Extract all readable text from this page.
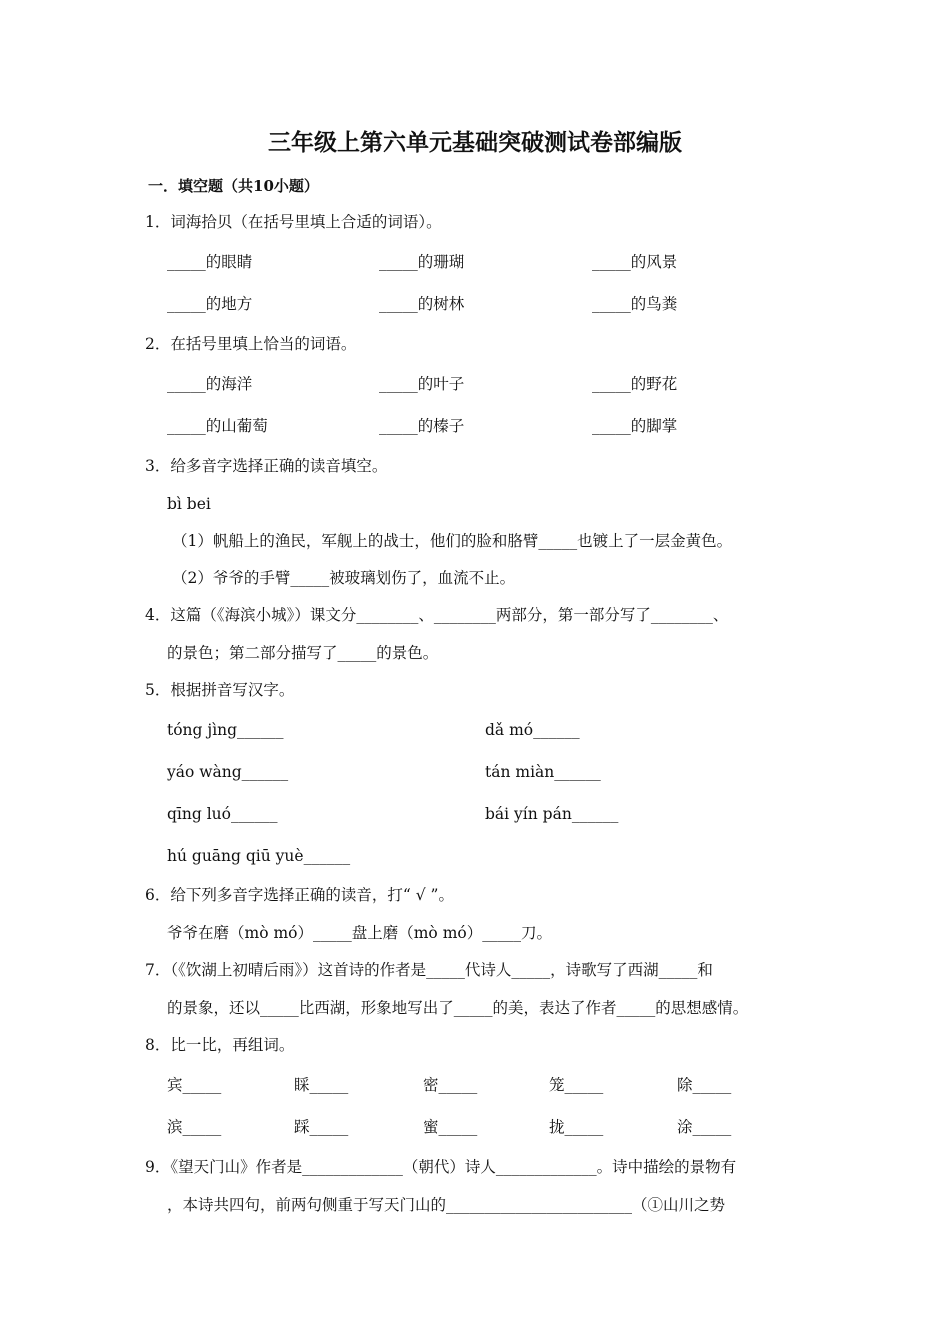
三年级上第六单元基础突破测试卷部编版
一．填空题（共10小题）
1．词海拾贝（在括号里填上合适的词语）。
_____的眼睛	_____的珊瑚	_____的风景
_____的地方	_____的树林	_____的鸟粪
2．在括号里填上恰当的词语。
_____的海洋	_____的叶子	_____的野花
_____的山葡萄	_____的榛子	_____的脚掌
3．给多音字选择正确的读音填空。
bì bei
（1）帆船上的渔民，军舰上的战士，他们的脸和胳臂_____也镀上了一层金黄色。
（2）爷爷的手臂_____被玻璃划伤了，血流不止。
4．这篇（《海滨小城》）课文分________、________两部分，第一部分写了________、
的景色；第二部分描写了_____的景色。
5．根据拼音写汉字。
tóng jìng______	dǎ mó______
yáo wàng______	tán miàn______
qīng luó______	bái yín pán______
hú guāng qiū yuè______
6．给下列多音字选择正确的读音，打“ √ ”。
爷爷在磨（mò mó）_____盘上磨（mò mó）_____刀。
7．（《饮湖上初晴后雨》）这首诗的作者是_____代诗人_____，诗歌写了西湖_____和
的景象，还以_____比西湖，形象地写出了_____的美，表达了作者_____的思想感情。
8．比一比，再组词。
宾_____	睬_____	密_____	笼_____	除_____
滨_____	踩_____	蜜_____	拢_____	涂_____
9．《望天门山》作者是_____________（朝代）诗人_____________。诗中描绘的景物有
，本诗共四句，前两句侧重于写天门山的________________________（①山川之势
